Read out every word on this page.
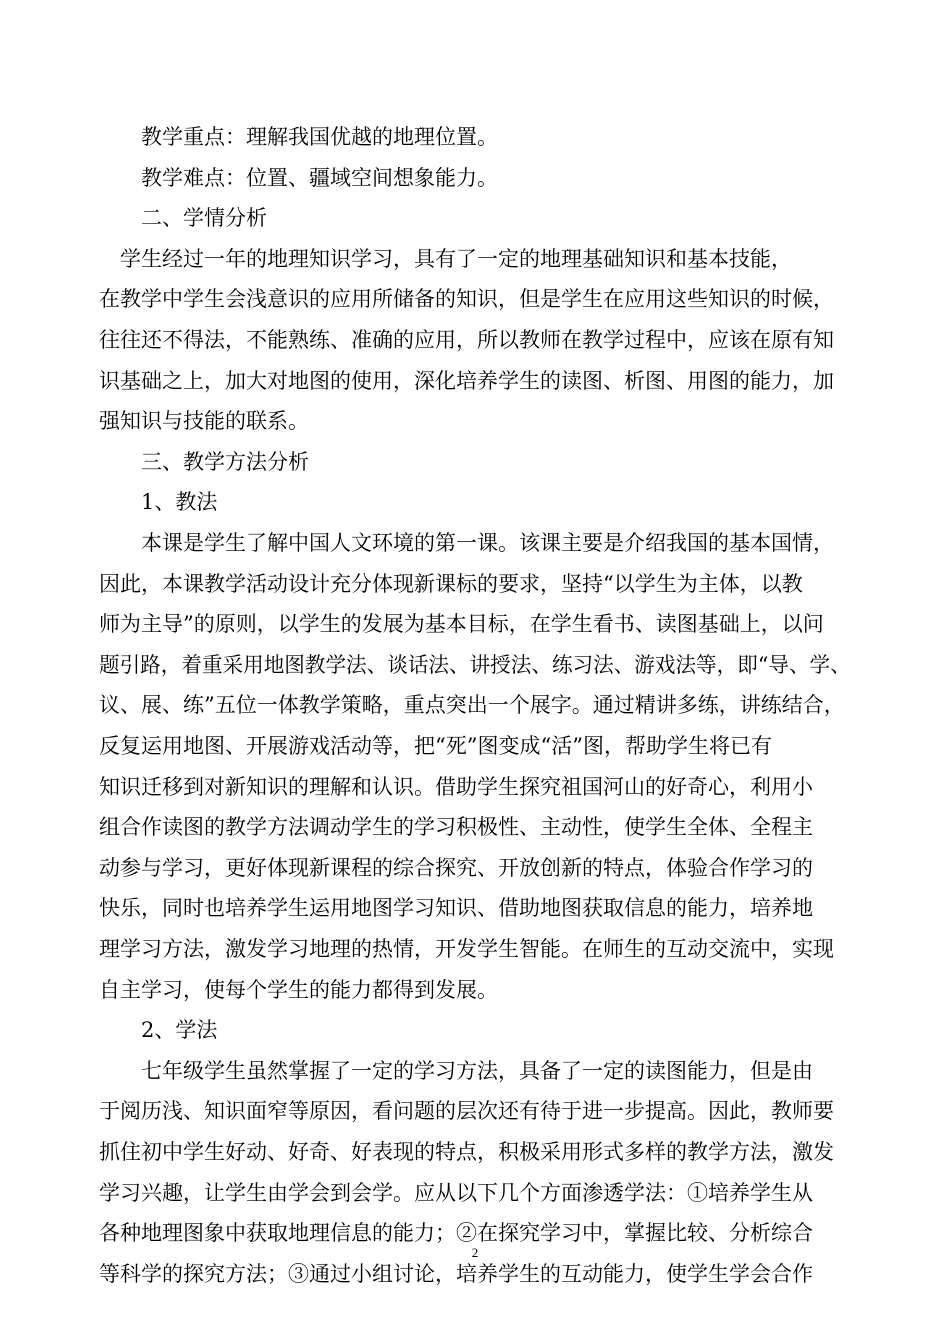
　　教学重点：理解我国优越的地理位置。
　　教学难点：位置、疆域空间想象能力。
　　二、学情分析
　学生经过一年的地理知识学习，具有了一定的地理基础知识和基本技能，
在教学中学生会浅意识的应用所储备的知识，但是学生在应用这些知识的时候，
往往还不得法，不能熟练、准确的应用，所以教师在教学过程中，应该在原有知
识基础之上，加大对地图的使用，深化培养学生的读图、析图、用图的能力，加
强知识与技能的联系。
　　三、教学方法分析
　　1、教法
　　本课是学生了解中国人文环境的第一课。该课主要是介绍我国的基本国情，
因此，本课教学活动设计充分体现新课标的要求，坚持“以学生为主体，以教
师为主导”的原则，以学生的发展为基本目标，在学生看书、读图基础上，以问
题引路，着重采用地图教学法、谈话法、讲授法、练习法、游戏法等，即“导、学、
议、展、练”五位一体教学策略，重点突出一个展字。通过精讲多练，讲练结合，
反复运用地图、开展游戏活动等，把“死”图变成“活”图，帮助学生将已有
知识迁移到对新知识的理解和认识。借助学生探究祖国河山的好奇心，利用小
组合作读图的教学方法调动学生的学习积极性、主动性，使学生全体、全程主
动参与学习，更好体现新课程的综合探究、开放创新的特点，体验合作学习的
快乐，同时也培养学生运用地图学习知识、借助地图获取信息的能力，培养地
理学习方法，激发学习地理的热情，开发学生智能。在师生的互动交流中，实现
自主学习，使每个学生的能力都得到发展。
　　2、学法
　　七年级学生虽然掌握了一定的学习方法，具备了一定的读图能力，但是由
于阅历浅、知识面窄等原因，看问题的层次还有待于进一步提高。因此，教师要
抓住初中学生好动、好奇、好表现的特点，积极采用形式多样的教学方法，激发
学习兴趣，让学生由学会到会学。应从以下几个方面渗透学法：①培养学生从
各种地理图象中获取地理信息的能力；②在探究学习中，掌握比较、分析综合
等科学的探究方法；③通过小组讨论，培养学生的互动能力，使学生学会合作
2
